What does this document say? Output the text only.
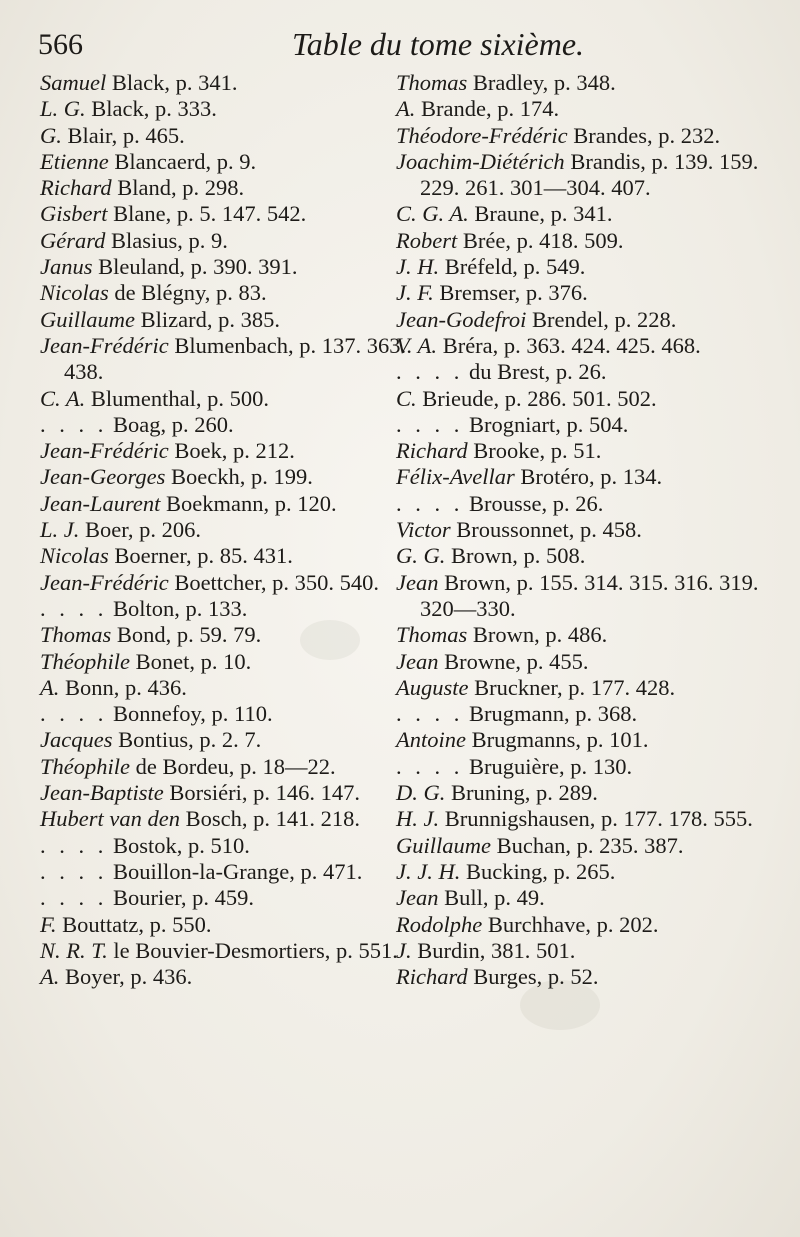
566	Table du tome sixième.
Samuel Black, p. 341.
L. G. Black, p. 333.
G. Blair, p. 465.
Etienne Blancaerd, p. 9.
Richard Bland, p. 298.
Gisbert Blane, p. 5. 147. 542.
Gérard Blasius, p. 9.
Janus Bleuland, p. 390. 391.
Nicolas de Blégny, p. 83.
Guillaume Blizard, p. 385.
Jean-Frédéric Blumenbach, p. 137. 363. 438.
C. A. Blumenthal, p. 500.
. . . . Boag, p. 260.
Jean-Frédéric Boek, p. 212.
Jean-Georges Boeckh, p. 199.
Jean-Laurent Boekmann, p. 120.
L. J. Boer, p. 206.
Nicolas Boerner, p. 85. 431.
Jean-Frédéric Boettcher, p. 350. 540.
. . . . Bolton, p. 133.
Thomas Bond, p. 59. 79.
Théophile Bonet, p. 10.
A. Bonn, p. 436.
. . . . Bonnefoy, p. 110.
Jacques Bontius, p. 2. 7.
Théophile de Bordeu, p. 18—22.
Jean-Baptiste Borsiéri, p. 146. 147.
Hubert van den Bosch, p. 141. 218.
. . . . Bostok, p. 510.
. . . . Bouillon-la-Grange, p. 471.
. . . . Bourier, p. 459.
F. Bouttatz, p. 550.
N. R. T. le Bouvier-Desmortiers, p. 551.
A. Boyer, p. 436.
Thomas Bradley, p. 348.
A. Brande, p. 174.
Théodore-Frédéric Brandes, p. 232.
Joachim-Diétérich Brandis, p. 139. 159. 229. 261. 301—304. 407.
C. G. A. Braune, p. 341.
Robert Brée, p. 418. 509.
J. H. Bréfeld, p. 549.
J. F. Bremser, p. 376.
Jean-Godefroi Brendel, p. 228.
V. A. Bréra, p. 363. 424. 425. 468.
. . . . du Brest, p. 26.
C. Brieude, p. 286. 501. 502.
. . . . Brogniart, p. 504.
Richard Brooke, p. 51.
Félix-Avellar Brotéro, p. 134.
. . . . Brousse, p. 26.
Victor Broussonnet, p. 458.
G. G. Brown, p. 508.
Jean Brown, p. 155. 314. 315. 316. 319. 320—330.
Thomas Brown, p. 486.
Jean Browne, p. 455.
Auguste Bruckner, p. 177. 428.
. . . . Brugmann, p. 368.
Antoine Brugmanns, p. 101.
. . . . Bruguière, p. 130.
D. G. Bruning, p. 289.
H. J. Brunnigshausen, p. 177. 178. 555.
Guillaume Buchan, p. 235. 387.
J. J. H. Bucking, p. 265.
Jean Bull, p. 49.
Rodolphe Burchhave, p. 202.
J. Burdin, 381. 501.
Richard Burges, p. 52.
